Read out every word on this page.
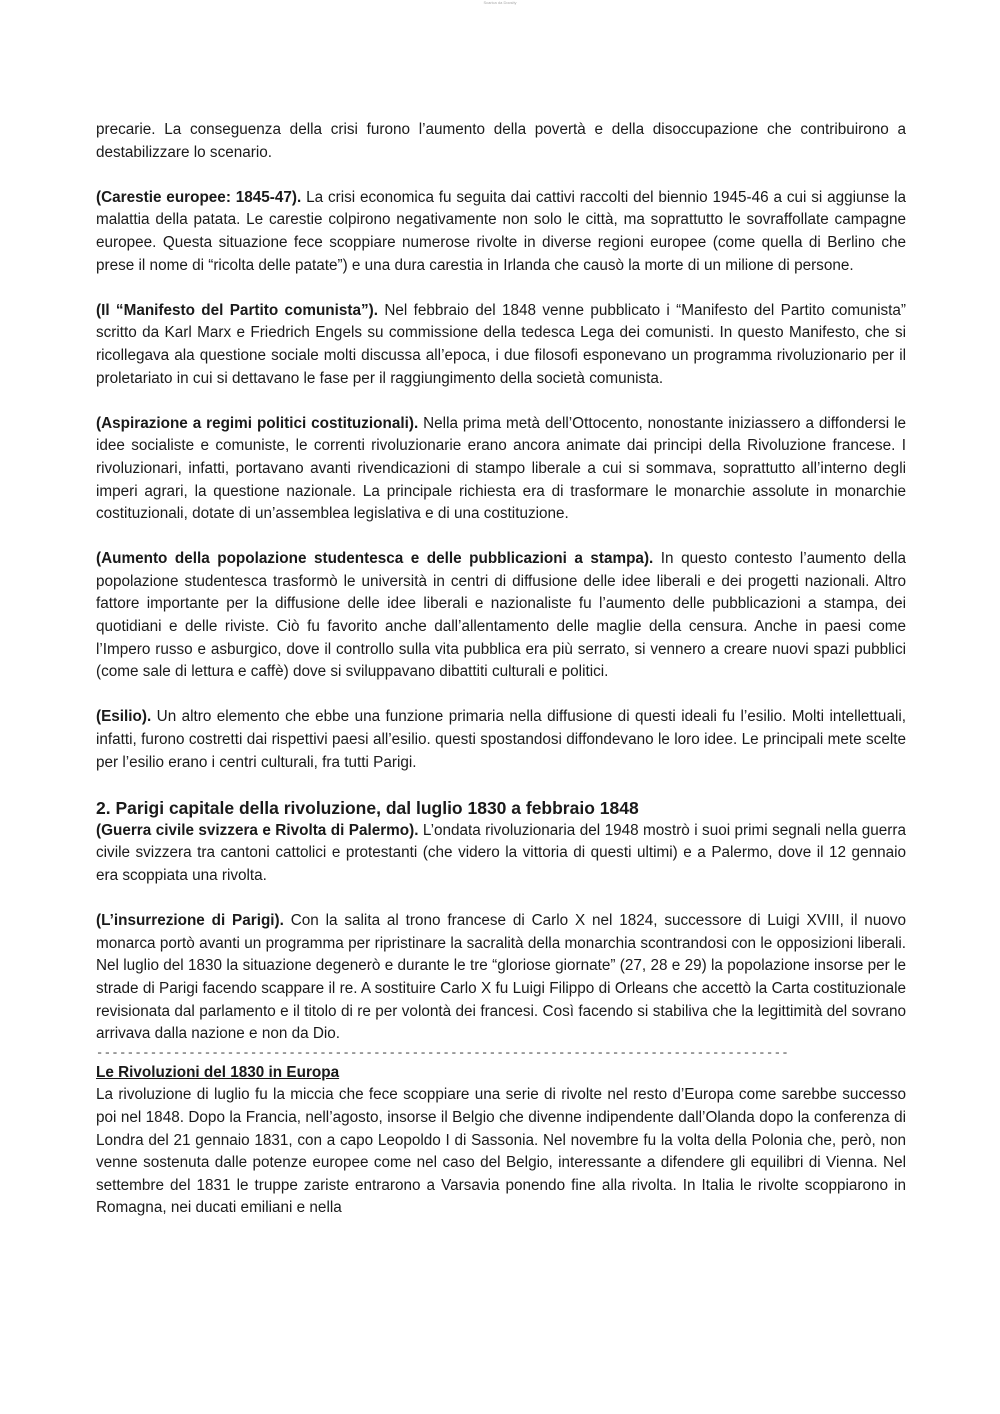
Scarica da Docsity

precarie. La conseguenza della crisi furono l’aumento della povertà e della disoccupazione che contribuirono a destabilizzare lo scenario.

(Carestie europee: 1845-47). La crisi economica fu seguita dai cattivi raccolti del biennio 1945-46 a cui si aggiunse la malattia della patata. Le carestie colpirono negativamente non solo le città, ma soprattutto le sovraffollate campagne europee. Questa situazione fece scoppiare numerose rivolte in diverse regioni europee (come quella di Berlino che prese il nome di “ricolta delle patate”) e una dura carestia in Irlanda che causò la morte di un milione di persone.

(Il “Manifesto del Partito comunista”). Nel febbraio del 1848 venne pubblicato i “Manifesto del Partito comunista” scritto da Karl Marx e Friedrich Engels su commissione della tedesca Lega dei comunisti. In questo Manifesto, che si ricollegava ala questione sociale molti discussa all’epoca, i due filosofi esponevano un programma rivoluzionario per il proletariato in cui si dettavano le fase per il raggiungimento della società comunista.

(Aspirazione a regimi politici costituzionali). Nella prima metà dell’Ottocento, nonostante iniziassero a diffondersi le idee socialiste e comuniste, le correnti rivoluzionarie erano ancora animate dai principi della Rivoluzione francese. I rivoluzionari, infatti, portavano avanti rivendicazioni di stampo liberale a cui si sommava, soprattutto all’interno degli imperi agrari, la questione nazionale. La principale richiesta era di trasformare le monarchie assolute in monarchie costituzionali, dotate di un’assemblea legislativa e di una costituzione.

(Aumento della popolazione studentesca e delle pubblicazioni a stampa). In questo contesto l’aumento della popolazione studentesca trasformò le università in centri di diffusione delle idee liberali e dei progetti nazionali. Altro fattore importante per la diffusione delle idee liberali e nazionaliste fu l’aumento delle pubblicazioni a stampa, dei quotidiani e delle riviste. Ciò fu favorito anche dall’allentamento delle maglie della censura. Anche in paesi come l’Impero russo e asburgico, dove il controllo sulla vita pubblica era più serrato, si vennero a creare nuovi spazi pubblici (come sale di lettura e caffè) dove si sviluppavano dibattiti culturali e politici.

(Esilio). Un altro elemento che ebbe una funzione primaria nella diffusione di questi ideali fu l’esilio. Molti intellettuali, infatti, furono costretti dai rispettivi paesi all’esilio. questi spostandosi diffondevano le loro idee. Le principali mete scelte per l’esilio erano i centri culturali, fra tutti Parigi.

2. Parigi capitale della rivoluzione, dal luglio 1830 a febbraio 1848

(Guerra civile svizzera e Rivolta di Palermo). L’ondata rivoluzionaria del 1948 mostrò i suoi primi segnali nella guerra civile svizzera tra cantoni cattolici e protestanti (che videro la vittoria di questi ultimi) e a Palermo, dove il 12 gennaio era scoppiata una rivolta.

(L’insurrezione di Parigi). Con la salita al trono francese di Carlo X nel 1824, successore di Luigi XVIII, il nuovo monarca portò avanti un programma per ripristinare la sacralità della monarchia scontrandosi con le opposizioni liberali. Nel luglio del 1830 la situazione degenerò e durante le tre “gloriose giornate” (27, 28 e 29) la popolazione insorse per le strade di Parigi facendo scappare il re. A sostituire Carlo X fu Luigi Filippo di Orleans che accettò la Carta costituzionale revisionata dal parlamento e il titolo di re per volontà dei francesi. Così facendo si stabiliva che la legittimità del sovrano arrivava dalla nazione e non da Dio.

------------------------------------------------------------------------------------------
Le Rivoluzioni del 1830 in Europa

La rivoluzione di luglio fu la miccia che fece scoppiare una serie di rivolte nel resto d’Europa come sarebbe successo poi nel 1848. Dopo la Francia, nell’agosto, insorse il Belgio che divenne indipendente dall’Olanda dopo la conferenza di Londra del 21 gennaio 1831, con a capo Leopoldo I di Sassonia. Nel novembre fu la volta della Polonia che, però, non venne sostenuta dalle potenze europee come nel caso del Belgio, interessante a difendere gli equilibri di Vienna. Nel settembre del 1831 le truppe zariste entrarono a Varsavia ponendo fine alla rivolta. In Italia le rivolte scoppiarono in Romagna, nei ducati emiliani e nella
